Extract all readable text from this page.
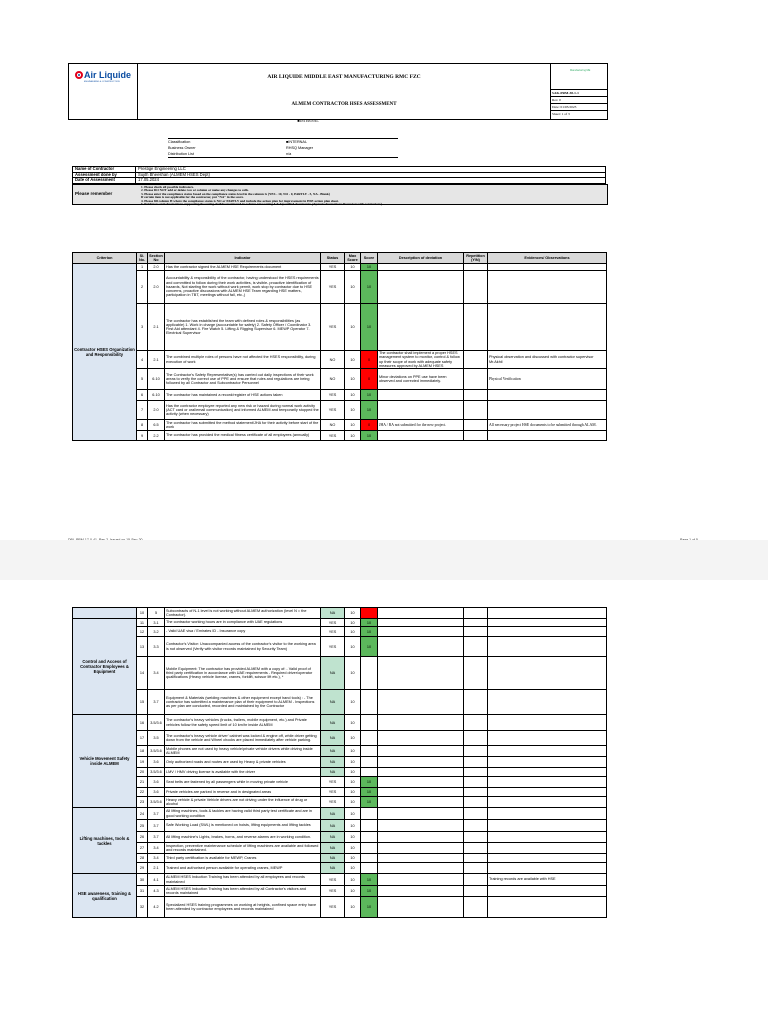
Air Liquide
ENGINEERING & CONSTRUCTION
AIR LIQUIDE MIDDLE EAST MANUFACTURING RMC FZC
ALMEM CONTRACTOR HSES ASSESSMENT
Manufacturing ME
SAK-PRM-38-1-1
Rev. 0
Date: 01/03/2023
Sheet: 1 of 3
■INTERNAL
Classification	■INTERNAL
Business Owner	RHSQ Manager
Distribution List	n/a
Name of Contractor	Prestige Engineering LLC
Assessment done by	Sujith Bheeshan (ALMEM HSES Dept)
Date of Assessment	17.05.2024
Please remember
1. Please check all possible indicators.
2. Please DO NOT add or delete row or column or make any changes to cells.
3. Please enter the compliance status based on the compliance status level in the column G (YES - 10, NO - 0, PARTLY - 5, NA - Blank)
If certain item is not applicable for the contractor, put "NA" in the score.
4. Please fill column H where the compliance status is NO or PARTLY and include the action plan for improvement in HSE action plan sheet.
5. Evidences and observations supporting the rating shall be mentioned in column J for rating 5 & 0 (verified documents/ physical observation/ discussion with contractors)
Criterion	Sl. No.	Section No	Indicator	Status	Max Score	Score	Description of deviation	Repetition (Y/N)	Evidences/ Observations
Contractor HSES Organization and Responsibility	1	2.0	Has the contractor signed the ALMEM HSE Requirements document	YES	10	10			
	2	2.0	Accountability & responsibility of the contractor, having understood the HSES requirements and committed to follow during their work activities, is visible- proactive identification of hazards, Not starting the work without work permit, work stop by contractor due to HSE concerns, proactive discussions with ALMEM HSE Team regarding HSE matters, participation in TBT, meetings without fail, etc.,)	YES	10	10			
	3	2.1	The contractor has established the team with defined roles & responsibilities (as applicable) 1. Work in charge (accountable for safety) 2. Safety Officer / Coordinator 3. First Aid attendant 4. Fire Watch 5. Lifting & Rigging Supervisor 6. MEWP Operator 7. Electrical Supervisor	YES	10	10			
	4	2.1	The combined multiple roles of persons have not affected the HSES responsibility, during execution of work	NO	10	0	The contractor shall implement a proper HSES management system to monitor, control & follow up their scope of work with adequate safety measures approved by ALMEM HSES		Physical observation and discussed with contractor supervisor Mr.Akhil
	5	6.10	The Contractor's Safety Representative(s) has carried out daily inspections of their work areas to verify the correct use of PPE and ensure that rules and regulations are being followed by all Contractor and Subcontractor Personnel	NO	10	0	Minor deviations on PPE use have been observed and corrected immediately.		Physical Verification
	6	6.10	The contractor has maintained a record/register of HSE actions taken	YES	10	10			
	7	2.0	Has the contractor employee reported any new risk or hazard during normal work activity (ACT card or oral/email communication) and informed ALMEM and temporarily stopped the activity (when necessary)	YES	10	10			
	8	6.5	The contractor has submitted the method statement/JHA for their activity before start of the work	NO	10	0	JHA / RA not submitted for the new project.		All necessary project HSE documents to be submitted through ALAM.
	9	2.2	The contractor has provided the medical fitness certificate of all employees (annually)	YES	10	10			
	10	5	Subcontracts of N-1 level is not working without ALMEM authorization (level N = the Contractor).	NA	10				
Control and Access of Contractor Employees & Equipment	11	3.1	The contractor working hours are in compliance with UAE regulations	YES	10	10			
	12	3.2	- Valid UAE visa / Emirates ID - Insurance copy	YES	10	10			
	13	3.3	Contractor's Visitor: Unaccompanied access of the contractor's visitor to the working area is not observed (Verify with visitor records maintained by Security Team)	YES	10	10			
	14	3.4	Mobile Equipment: The contractor has provided ALMEM with a copy of: - Valid proof of third party certification in accordance with UAE requirements - Required driver/operator qualifications (Heavy vehicle license, cranes, forklift, scissor lift etc.), *	NA	10				
	15	3.7	Equipment & Materials (welding machines & other equipment except hand tools) : - The contractor has submitted a maintenance plan of their equipment to ALMEM - Inspections as per plan are conducted, recorded and maintained by the Contractor	NA	10				
Vehicle Movement Safety inside ALMEM	16	3.5/3.6	The contractor's heavy vehicles (trucks, trailers, mobile equipment, etc.) and Private vehicles follow the safety speed limit of 10 km/hr inside ALMEM	NA	10				
	17	3.5	The contractor's heavy vehicle driver' cabinet was locked & engine off, while driver getting down from the vehicle and Wheel chocks are placed immediately after vehicle parking.	NA	10				
	18	3.5/3.6	Mobile phones are not used by heavy vehicle/private vehicle drivers while driving inside ALMEM	NA	10				
	19	3.6	Only authorized roads and routes are used by Heavy & private vehicles	NA	10				
	20	3.5/3.6	LMV / HMV driving license is available with the driver	NA	10				
	21	3.6	Seat belts are fastened by all passengers while in moving private vehicle	YES	10	10			
	22	3.6	Private vehicles are parked in reverse and in designated areas	YES	10	10			
	23	3.5/3.6	Heavy vehicle & private Vehicle drivers are not driving under the influence of drug or alcohol	YES	10	10			
Lifting machines, tools & tackles	24	3.7	All lifting machines, tools & tackles are having valid third party test certificate and are in good working condition	NA	10				
	25	3.7	Safe Working Load (SWL) is mentioned on hoists, lifting equipments and lifting tackles	NA	10				
	26	3.7	All lifting machine's Lights, brakes, horns, and reverse alarms are in working condition.	NA	10				
	27	3.4	Inspection, preventive maintenance schedule of lifting machines are available and followed and records maintained.	NA	10				
	28	3.4	Third party certification is available for MEWP, Cranes	NA	10				
	29	2.1	Trained and authorised person available for operating cranes, MEWP	NA	10				
HSE awareness, training & qualification	30	4.1	ALMEM HSES Induction Training has been attended by all employees and records maintained	YES	10	10			Training records are available with HSE
	31	4.3	ALMEM HSES Induction Training has been attended by all Contractor's visitors and records maintained	YES	10	10			
	32	4.2	Specialized HSES training programmes on working at heights, confined space entry have been attended by contractor employees and records maintained	YES	10	10			
